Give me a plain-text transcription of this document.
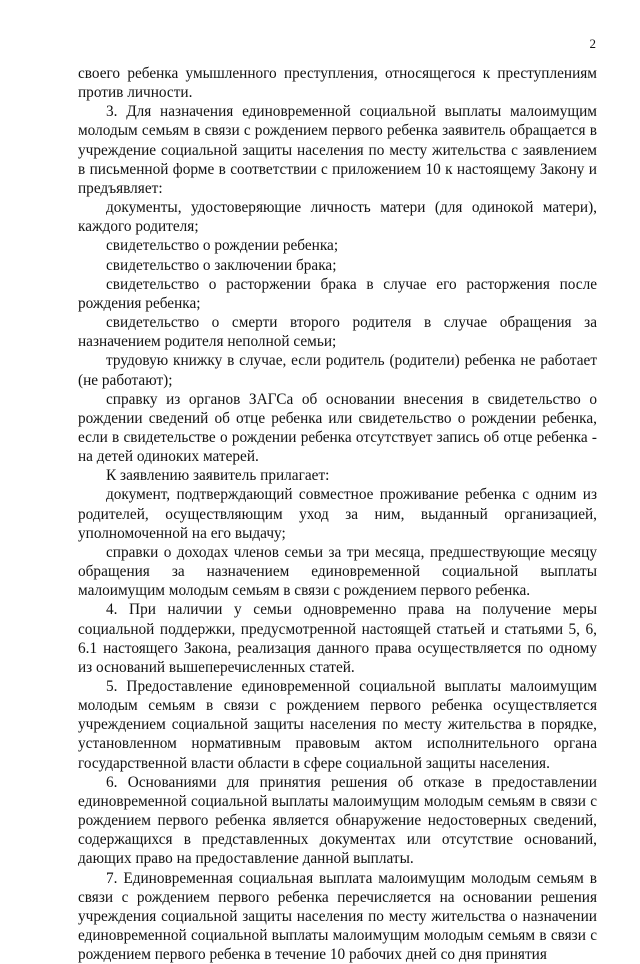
2

своего ребенка умышленного преступления, относящегося к преступлениям против личности.

3. Для назначения единовременной социальной выплаты малоимущим молодым семьям в связи с рождением первого ребенка заявитель обращается в учреждение социальной защиты населения по месту жительства с заявлением в письменной форме в соответствии с приложением 10 к настоящему Закону и предъявляет:

документы, удостоверяющие личность матери (для одинокой матери), каждого родителя;

свидетельство о рождении ребенка;

свидетельство о заключении брака;

свидетельство о расторжении брака в случае его расторжения после рождения ребенка;

свидетельство о смерти второго родителя в случае обращения за назначением родителя неполной семьи;

трудовую книжку в случае, если родитель (родители) ребенка не работает (не работают);

справку из органов ЗАГСа об основании внесения в свидетельство о рождении сведений об отце ребенка или свидетельство о рождении ребенка, если в свидетельстве о рождении ребенка отсутствует запись об отце ребенка - на детей одиноких матерей.

К заявлению заявитель прилагает:

документ, подтверждающий совместное проживание ребенка с одним из родителей, осуществляющим уход за ним, выданный организацией, уполномоченной на его выдачу;

справки о доходах членов семьи за три месяца, предшествующие месяцу обращения за назначением единовременной социальной выплаты малоимущим молодым семьям в связи с рождением первого ребенка.

4. При наличии у семьи одновременно права на получение меры социальной поддержки, предусмотренной настоящей статьей и статьями 5, 6, 6.1 настоящего Закона, реализация данного права осуществляется по одному из оснований вышеперечисленных статей.

5. Предоставление единовременной социальной выплаты малоимущим молодым семьям в связи с рождением первого ребенка осуществляется учреждением социальной защиты населения по месту жительства в порядке, установленном нормативным правовым актом исполнительного органа государственной власти области в сфере социальной защиты населения.

6. Основаниями для принятия решения об отказе в предоставлении единовременной социальной выплаты малоимущим молодым семьям в связи с рождением первого ребенка является обнаружение недостоверных сведений, содержащихся в представленных документах или отсутствие оснований, дающих право на предоставление данной выплаты.

7. Единовременная социальная выплата малоимущим молодым семьям в связи с рождением первого ребенка перечисляется на основании решения учреждения социальной защиты населения по месту жительства о назначении единовременной социальной выплаты малоимущим молодым семьям в связи с рождением первого ребенка в течение 10 рабочих дней со дня принятия
